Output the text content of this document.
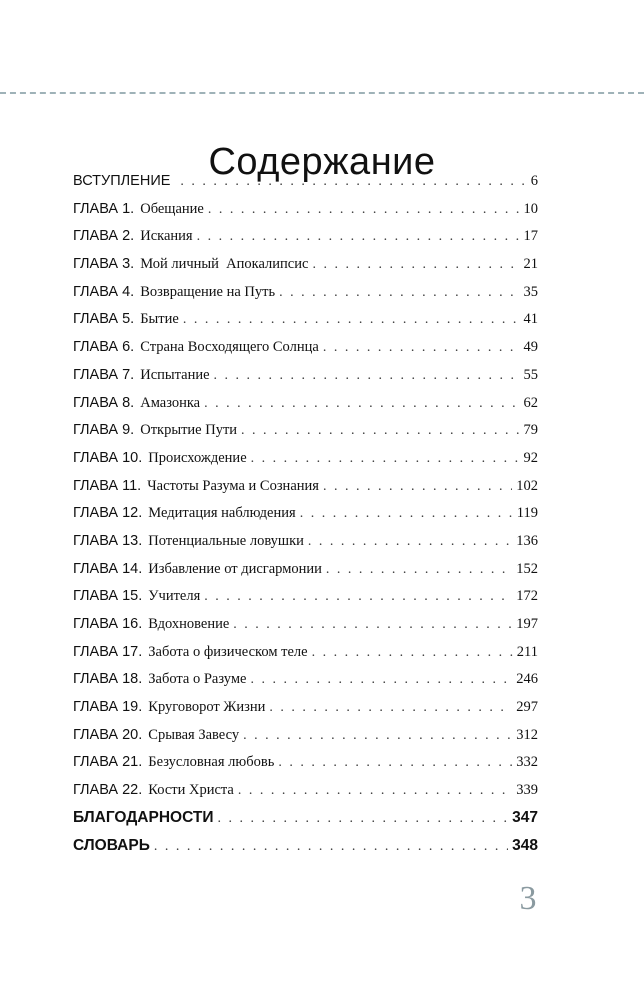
Содержание
ВСТУПЛЕНИЕ . . .	6
ГЛАВА 1. Обещание . . .	10
ГЛАВА 2. Искания . . .	17
ГЛАВА 3. Мой личный  Апокалипсис . . .	21
ГЛАВА 4. Возвращение на Путь . . .	35
ГЛАВА 5. Бытие . . .	41
ГЛАВА 6. Страна Восходящего Солнца . . .	49
ГЛАВА 7. Испытание . . .	55
ГЛАВА 8. Амазонка . . .	62
ГЛАВА 9. Открытие Пути . . .	79
ГЛАВА 10. Происхождение . . .	92
ГЛАВА 11. Частоты Разума и Сознания . . .	102
ГЛАВА 12. Медитация наблюдения . . .	119
ГЛАВА 13. Потенциальные ловушки . . .	136
ГЛАВА 14. Избавление от дисгармонии . . .	152
ГЛАВА 15. Учителя . . .	172
ГЛАВА 16. Вдохновение . . .	197
ГЛАВА 17. Забота о физическом теле . . .	211
ГЛАВА 18. Забота о Разуме . . .	246
ГЛАВА 19. Круговорот Жизни . . .	297
ГЛАВА 20. Срывая Завесу . . .	312
ГЛАВА 21. Безусловная любовь . . .	332
ГЛАВА 22. Кости Христа . . .	339
БЛАГОДАРНОСТИ . . .	347
СЛОВАРЬ . . .	348
3
